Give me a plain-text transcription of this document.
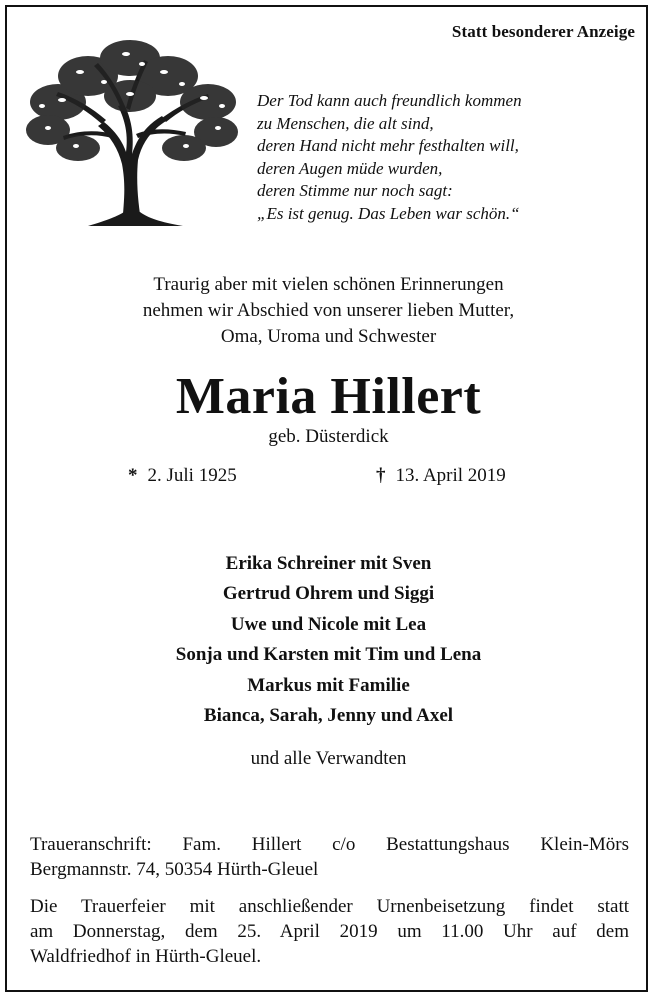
Statt besonderer Anzeige
Der Tod kann auch freundlich kommen
zu Menschen, die alt sind,
deren Hand nicht mehr festhalten will,
deren Augen müde wurden,
deren Stimme nur noch sagt:
„Es ist genug. Das Leben war schön.“
Traurig aber mit vielen schönen Erinnerungen
nehmen wir Abschied von unserer lieben Mutter,
Oma, Uroma und Schwester
Maria Hillert
geb. Düsterdick
* 2. Juli 1925	† 13. April 2019
Erika Schreiner mit Sven
Gertrud Ohrem und Siggi
Uwe und Nicole mit Lea
Sonja und Karsten mit Tim und Lena
Markus mit Familie
Bianca, Sarah, Jenny und Axel
und alle Verwandten
Traueranschrift: Fam. Hillert c/o Bestattungshaus Klein-Mörs
Bergmannstr. 74, 50354 Hürth-Gleuel
Die Trauerfeier mit anschließender Urnenbeisetzung findet statt
am Donnerstag, dem 25. April 2019 um 11.00 Uhr auf dem
Waldfriedhof in Hürth-Gleuel.
